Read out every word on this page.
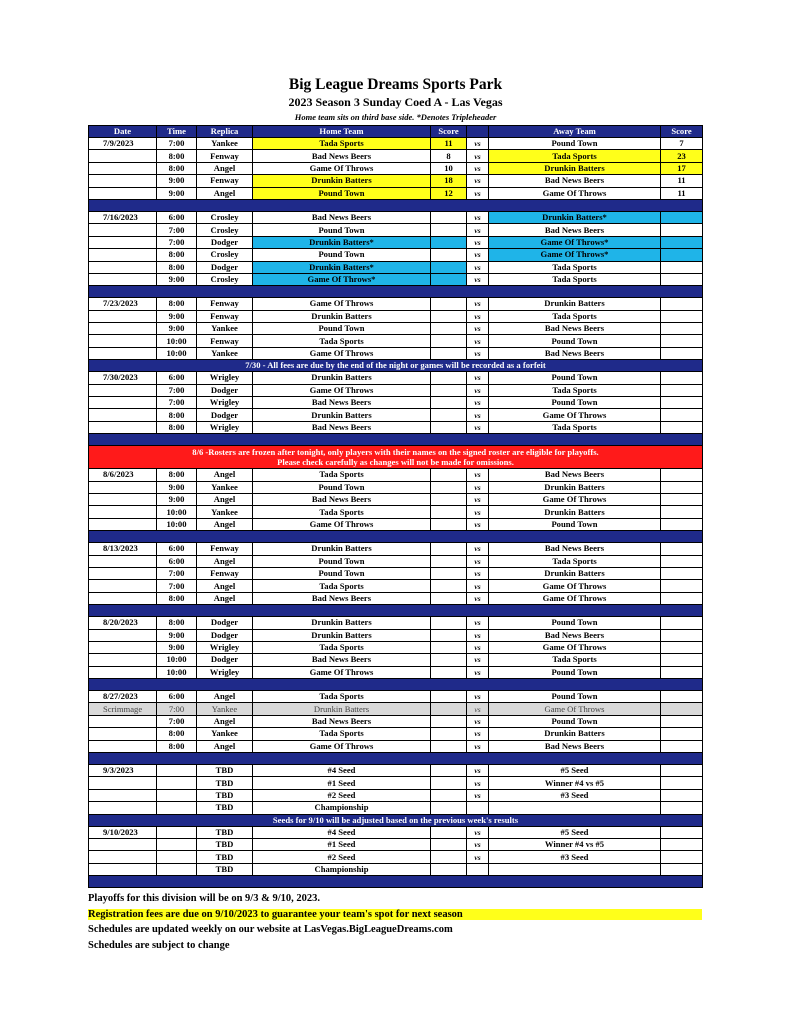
Big League Dreams Sports Park
2023 Season 3 Sunday Coed A - Las Vegas
Home team sits on third base side. *Denotes Tripleheader
Date	Time	Replica	Home Team	Score		Away Team	Score
7/9/2023	7:00	Yankee	Tada Sports	11	vs	Pound Town	7
	8:00	Fenway	Bad News Beers	8	vs	Tada Sports	23
	8:00	Angel	Game Of Throws	10	vs	Drunkin Batters	17
	9:00	Fenway	Drunkin Batters	18	vs	Bad News Beers	11
	9:00	Angel	Pound Town	12	vs	Game Of Throws	11

7/16/2023	6:00	Crosley	Bad News Beers		vs	Drunkin Batters*	
	7:00	Crosley	Pound Town		vs	Bad News Beers	
	7:00	Dodger	Drunkin Batters*		vs	Game Of Throws*	
	8:00	Crosley	Pound Town		vs	Game Of Throws*	
	8:00	Dodger	Drunkin Batters*		vs	Tada Sports	
	9:00	Crosley	Game Of Throws*		vs	Tada Sports	

7/23/2023	8:00	Fenway	Game Of Throws		vs	Drunkin Batters	
	9:00	Fenway	Drunkin Batters		vs	Tada Sports	
	9:00	Yankee	Pound Town		vs	Bad News Beers	
	10:00	Fenway	Tada Sports		vs	Pound Town	
	10:00	Yankee	Game Of Throws		vs	Bad News Beers	
7/30 - All fees are due by the end of the night or games will be recorded as a forfeit							
7/30/2023	6:00	Wrigley	Drunkin Batters		vs	Pound Town	
	7:00	Dodger	Game Of Throws		vs	Tada Sports	
	7:00	Wrigley	Bad News Beers		vs	Pound Town	
	8:00	Dodger	Drunkin Batters		vs	Game Of Throws	
	8:00	Wrigley	Bad News Beers		vs	Tada Sports	

8/6 -Rosters are frozen after tonight, only players with their names on the signed roster are eligible for playoffs.
Please check carefully as changes will not be made for omissions.							

8/6/2023	8:00	Angel	Tada Sports		vs	Bad News Beers	
	9:00	Yankee	Pound Town		vs	Drunkin Batters	
	9:00	Angel	Bad News Beers		vs	Game Of Throws	
	10:00	Yankee	Tada Sports		vs	Drunkin Batters	
	10:00	Angel	Game Of Throws		vs	Pound Town	

8/13/2023	6:00	Fenway	Drunkin Batters		vs	Bad News Beers	
	6:00	Angel	Pound Town		vs	Tada Sports	
	7:00	Fenway	Pound Town		vs	Drunkin Batters	
	7:00	Angel	Tada Sports		vs	Game Of Throws	
	8:00	Angel	Bad News Beers		vs	Game Of Throws	

8/20/2023	8:00	Dodger	Drunkin Batters		vs	Pound Town	
	9:00	Dodger	Drunkin Batters		vs	Bad News Beers	
	9:00	Wrigley	Tada Sports		vs	Game Of Throws	
	10:00	Dodger	Bad News Beers		vs	Tada Sports	
	10:00	Wrigley	Game Of Throws		vs	Pound Town	

8/27/2023	6:00	Angel	Tada Sports		vs	Pound Town	
Scrimmage	7:00	Yankee	Drunkin Batters		vs	Game Of Throws	
	7:00	Angel	Bad News Beers		vs	Pound Town	
	8:00	Yankee	Tada Sports		vs	Drunkin Batters	
	8:00	Angel	Game Of Throws		vs	Bad News Beers	

9/3/2023		TBD	#4 Seed		vs	#5 Seed	
		TBD	#1 Seed		vs	Winner #4 vs #5	
		TBD	#2 Seed		vs	#3 Seed	
		TBD	Championship				
Seeds for 9/10 will be adjusted based on the previous week's results							
9/10/2023		TBD	#4 Seed		vs	#5 Seed	
		TBD	#1 Seed		vs	Winner #4 vs #5	
		TBD	#2 Seed		vs	#3 Seed	
		TBD	Championship				

Playoffs for this division will be on 9/3 & 9/10, 2023.
Registration fees are due on 9/10/2023 to guarantee your team's spot for next season
Schedules are updated weekly on our website at LasVegas.BigLeagueDreams.com
Schedules are subject to change
